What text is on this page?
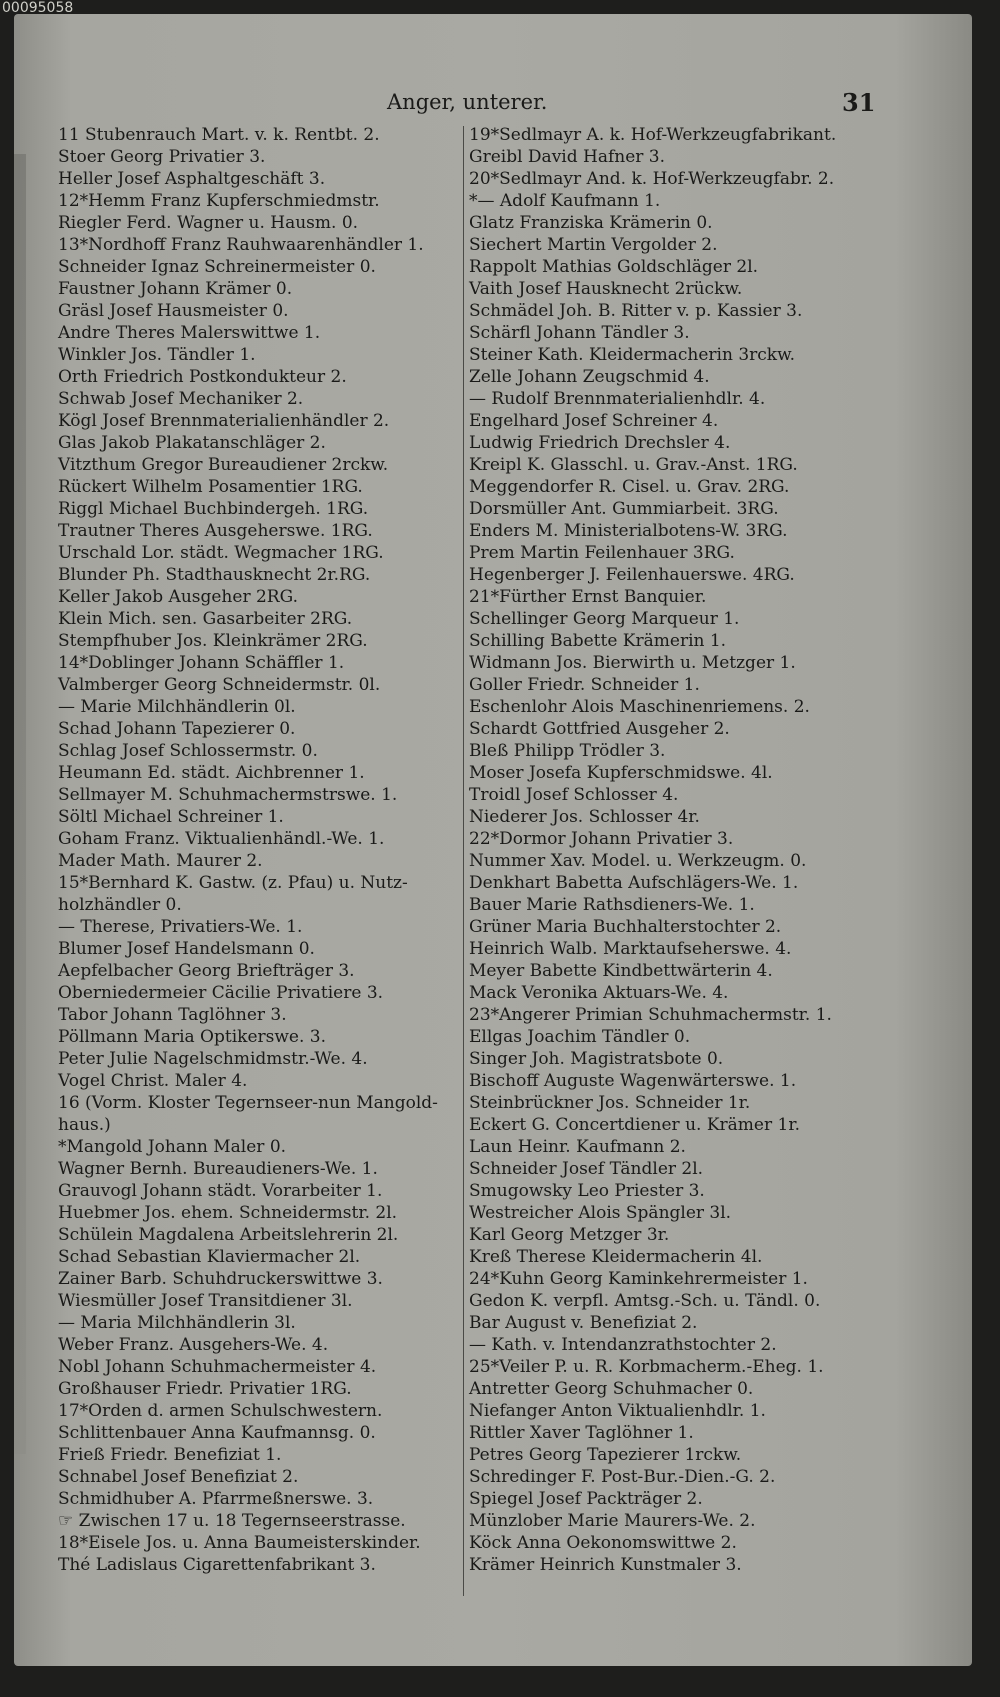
Anger, unterer.	31
11 Stubenrauch Mart. v. k. Rentbt. 2.
Stoer Georg Privatier 3.
Heller Josef Asphaltgeschäft 3.
12*Hemm Franz Kupferschmiedmstr.
Riegler Ferd. Wagner u. Hausm. 0.
13*Nordhoff Franz Rauhwaarenhändler 1.
Schneider Ignaz Schreinermeister 0.
Faustner Johann Krämer 0.
Gräsl Josef Hausmeister 0.
Andre Theres Malerswittwe 1.
Winkler Jos. Tändler 1.
Orth Friedrich Postkondukteur 2.
Schwab Josef Mechaniker 2.
Kögl Josef Brennmaterialienhändler 2.
Glas Jakob Plakatanschläger 2.
Vitzthum Gregor Bureaudiener 2rckw.
Rückert Wilhelm Posamentier 1RG.
Riggl Michael Buchbindergeh. 1RG.
Trautner Theres Ausgeherswe. 1RG.
Urschald Lor. städt. Wegmacher 1RG.
Blunder Ph. Stadthausknecht 2r.RG.
Keller Jakob Ausgeher 2RG.
Klein Mich. sen. Gasarbeiter 2RG.
Stempfhuber Jos. Kleinkrämer 2RG.
14*Doblinger Johann Schäffler 1.
Valmberger Georg Schneidermstr. 0l.
— Marie Milchhändlerin 0l.
Schad Johann Tapezierer 0.
Schlag Josef Schlossermstr. 0.
Heumann Ed. städt. Aichbrenner 1.
Sellmayer M. Schuhmachermstrswe. 1.
Söltl Michael Schreiner 1.
Goham Franz. Viktualienhändl.-We. 1.
Mader Math. Maurer 2.
15*Bernhard K. Gastw. (z. Pfau) u. Nutz-
holzhändler 0.
— Therese, Privatiers-We. 1.
Blumer Josef Handelsmann 0.
Aepfelbacher Georg Briefträger 3.
Oberniedermeier Cäcilie Privatiere 3.
Tabor Johann Taglöhner 3.
Pöllmann Maria Optikerswe. 3.
Peter Julie Nagelschmidmstr.-We. 4.
Vogel Christ. Maler 4.
16 (Vorm. Kloster Tegernseer-nun Mangold-
haus.)
*Mangold Johann Maler 0.
Wagner Bernh. Bureaudieners-We. 1.
Grauvogl Johann städt. Vorarbeiter 1.
Huebmer Jos. ehem. Schneidermstr. 2l.
Schülein Magdalena Arbeitslehrerin 2l.
Schad Sebastian Klaviermacher 2l.
Zainer Barb. Schuhdruckerswittwe 3.
Wiesmüller Josef Transitdiener 3l.
— Maria Milchhändlerin 3l.
Weber Franz. Ausgehers-We. 4.
Nobl Johann Schuhmachermeister 4.
Großhauser Friedr. Privatier 1RG.
17*Orden d. armen Schulschwestern.
Schlittenbauer Anna Kaufmannsg. 0.
Frieß Friedr. Benefiziat 1.
Schnabel Josef Benefiziat 2.
Schmidhuber A. Pfarrmeßnerswe. 3.
☞ Zwischen 17 u. 18 Tegernseerstrasse.
18*Eisele Jos. u. Anna Baumeisterskinder.
Thé Ladislaus Cigarettenfabrikant 3.
19*Sedlmayr A. k. Hof-Werkzeugfabrikant.
Greibl David Hafner 3.
20*Sedlmayr And. k. Hof-Werkzeugfabr. 2.
*— Adolf Kaufmann 1.
Glatz Franziska Krämerin 0.
Siechert Martin Vergolder 2.
Rappolt Mathias Goldschläger 2l.
Vaith Josef Hausknecht 2rückw.
Schmädel Joh. B. Ritter v. p. Kassier 3.
Schärfl Johann Tändler 3.
Steiner Kath. Kleidermacherin 3rckw.
Zelle Johann Zeugschmid 4.
— Rudolf Brennmaterialienhdlr. 4.
Engelhard Josef Schreiner 4.
Ludwig Friedrich Drechsler 4.
Kreipl K. Glasschl. u. Grav.-Anst. 1RG.
Meggendorfer R. Cisel. u. Grav. 2RG.
Dorsmüller Ant. Gummiarbeit. 3RG.
Enders M. Ministerialbotens-W. 3RG.
Prem Martin Feilenhauer 3RG.
Hegenberger J. Feilenhauerswe. 4RG.
21*Fürther Ernst Banquier.
Schellinger Georg Marqueur 1.
Schilling Babette Krämerin 1.
Widmann Jos. Bierwirth u. Metzger 1.
Goller Friedr. Schneider 1.
Eschenlohr Alois Maschinenriemens. 2.
Schardt Gottfried Ausgeher 2.
Bleß Philipp Trödler 3.
Moser Josefa Kupferschmidswe. 4l.
Troidl Josef Schlosser 4.
Niederer Jos. Schlosser 4r.
22*Dormor Johann Privatier 3.
Nummer Xav. Model. u. Werkzeugm. 0.
Denkhart Babetta Aufschlägers-We. 1.
Bauer Marie Rathsdieners-We. 1.
Grüner Maria Buchhalterstochter 2.
Heinrich Walb. Marktaufseherswe. 4.
Meyer Babette Kindbettwärterin 4.
Mack Veronika Aktuars-We. 4.
23*Angerer Primian Schuhmachermstr. 1.
Ellgas Joachim Tändler 0.
Singer Joh. Magistratsbote 0.
Bischoff Auguste Wagenwärterswe. 1.
Steinbrückner Jos. Schneider 1r.
Eckert G. Concertdiener u. Krämer 1r.
Laun Heinr. Kaufmann 2.
Schneider Josef Tändler 2l.
Smugowsky Leo Priester 3.
Westreicher Alois Spängler 3l.
Karl Georg Metzger 3r.
Kreß Therese Kleidermacherin 4l.
24*Kuhn Georg Kaminkehrermeister 1.
Gedon K. verpfl. Amtsg.-Sch. u. Tändl. 0.
Bar August v. Benefiziat 2.
— Kath. v. Intendanzrathstochter 2.
25*Veiler P. u. R. Korbmacherm.-Eheg. 1.
Antretter Georg Schuhmacher 0.
Niefanger Anton Viktualienhdlr. 1.
Rittler Xaver Taglöhner 1.
Petres Georg Tapezierer 1rckw.
Schredinger F. Post-Bur.-Dien.-G. 2.
Spiegel Josef Packträger 2.
Münzlober Marie Maurers-We. 2.
Köck Anna Oekonomswittwe 2.
Krämer Heinrich Kunstmaler 3.
00095058
